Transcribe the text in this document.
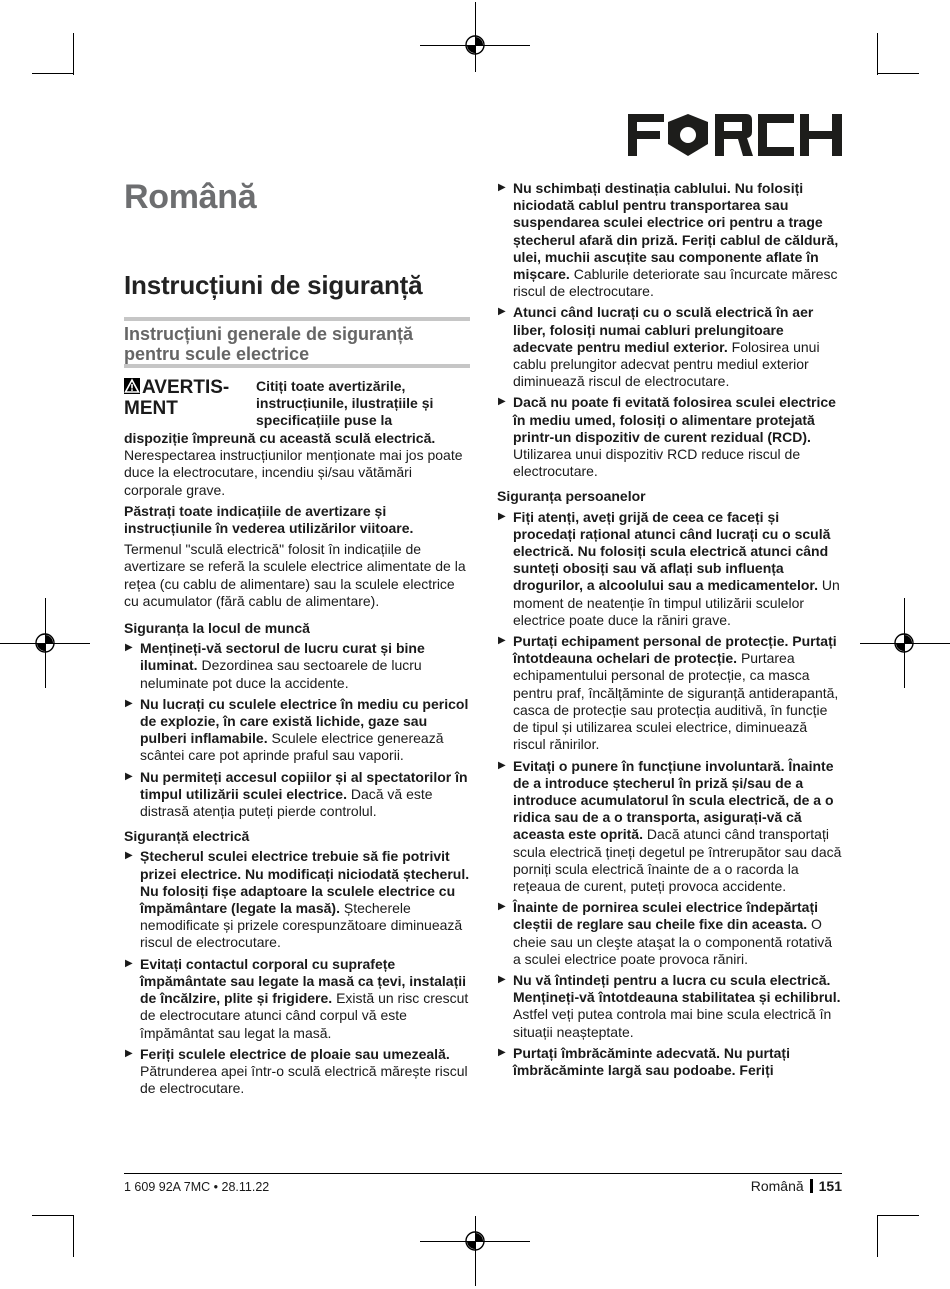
Română
Instrucțiuni de siguranță
Instrucțiuni generale de siguranță pentru scule electrice
AVERTIS-
MENT
Citiți toate avertizările, instrucțiunile, ilustrațiile și specificațiile puse la

dispoziție împreună cu această sculă electrică. Nerespectarea instrucțiunilor menționate mai jos poate duce la electrocutare, incendiu și/sau vătămări corporale grave.

Păstrați toate indicațiile de avertizare și instrucțiunile în vederea utilizărilor viitoare.

Termenul "sculă electrică" folosit în indicațiile de avertizare se referă la sculele electrice alimentate de la rețea (cu cablu de alimentare) sau la sculele electrice cu acumulator (fără cablu de alimentare).

Siguranța la locul de muncă

▶ Mențineți-vă sectorul de lucru curat și bine iluminat. Dezordinea sau sectoarele de lucru neluminate pot duce la accidente.
▶ Nu lucrați cu sculele electrice în mediu cu pericol de explozie, în care există lichide, gaze sau pulberi inflamabile. Sculele electrice generează scântei care pot aprinde praful sau vaporii.
▶ Nu permiteți accesul copiilor și al spectatorilor în timpul utilizării sculei electrice. Dacă vă este distrasă atenția puteți pierde controlul.

Siguranță electrică

▶ Ștecherul sculei electrice trebuie să fie potrivit prizei electrice. Nu modificați niciodată ștecherul. Nu folosiți fișe adaptoare la sculele electrice cu împământare (legate la masă). Ștecherele nemodificate și prizele corespunzătoare diminuează riscul de electrocutare.
▶ Evitați contactul corporal cu suprafețe împământate sau legate la masă ca țevi, instalații de încălzire, plite și frigidere. Există un risc crescut de electrocutare atunci când corpul vă este împământat sau legat la masă.
▶ Feriți sculele electrice de ploaie sau umezeală. Pătrunderea apei într-o sculă electrică mărește riscul de electrocutare.
▶ Nu schimbați destinația cablului. Nu folosiți niciodată cablul pentru transportarea sau suspendarea sculei electrice ori pentru a trage ștecherul afară din priză. Feriți cablul de căldură, ulei, muchii ascuțite sau componente aflate în mișcare. Cablurile deteriorate sau încurcate măresc riscul de electrocutare.
▶ Atunci când lucrați cu o sculă electrică în aer liber, folosiți numai cabluri prelungitoare adecvate pentru mediul exterior. Folosirea unui cablu prelungitor adecvat pentru mediul exterior diminuează riscul de electrocutare.
▶ Dacă nu poate fi evitată folosirea sculei electrice în mediu umed, folosiți o alimentare protejată printr-un dispozitiv de curent rezidual (RCD). Utilizarea unui dispozitiv RCD reduce riscul de electrocutare.

Siguranța persoanelor

▶ Fiți atenți, aveți grijă de ceea ce faceți și procedați rațional atunci când lucrați cu o sculă electrică. Nu folosiți scula electrică atunci când sunteți obosiți sau vă aflați sub influența drogurilor, a alcoolului sau a medicamentelor. Un moment de neatenție în timpul utilizării sculelor electrice poate duce la răniri grave.
▶ Purtați echipament personal de protecție. Purtați întotdeauna ochelari de protecție. Purtarea echipamentului personal de protecție, ca masca pentru praf, încălțăminte de siguranță antiderapantă, casca de protecție sau protecția auditivă, în funcție de tipul și utilizarea sculei electrice, diminuează riscul rănirilor.
▶ Evitați o punere în funcțiune involuntară. Înainte de a introduce ștecherul în priză și/sau de a introduce acumulatorul în scula electrică, de a o ridica sau de a o transporta, asigurați-vă că aceasta este oprită. Dacă atunci când transportați scula electrică țineți degetul pe întrerupător sau dacă porniți scula electrică înainte de a o racorda la rețeaua de curent, puteți provoca accidente.
▶ Înainte de pornirea sculei electrice îndepărtați cleștii de reglare sau cheile fixe din aceasta. O cheie sau un cleşte ataşat la o componentă rotativă a sculei electrice poate provoca răniri.
▶ Nu vă întindeți pentru a lucra cu scula electrică. Mențineți-vă întotdeauna stabilitatea și echilibrul. Astfel veți putea controla mai bine scula electrică în situații neașteptate.
▶ Purtați îmbrăcăminte adecvată. Nu purtați îmbrăcăminte largă sau podoabe. Feriți
1 609 92A 7MC • 28.11.22	Română 151
